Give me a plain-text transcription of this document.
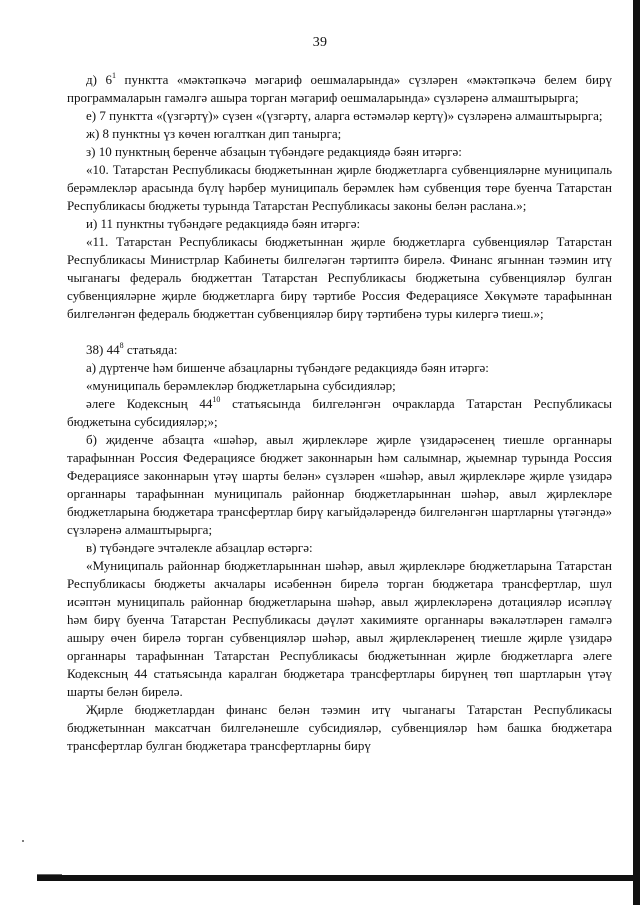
39

д) $6^1$ пунктта «мәктәпкәчә мәгариф оешмаларында» сүзләрен «мәктәпкәчә белем бирү программаларын гамәлгә ашыра торган мәгариф оешмаларында» сүзләренә алмаштырырга;

е) 7 пунктта «(үзгәртү)» сүзен «(үзгәртү, аларга өстәмәләр кертү)» сүзләренә алмаштырырга;

ж) 8 пунктны үз көчен югалткан дип танырга;

з) 10 пунктның беренче абзацын түбәндәге редакциядә бәян итәргә:

«10. Татарстан Республикасы бюджетыннан җирле бюджетларга субвенцияләрне муниципаль берәмлекләр арасында бүлү һәрбер муниципаль берәмлек һәм субвенция төре буенча Татарстан Республикасы бюджеты турында Татарстан Республикасы законы белән раслана.»;

и) 11 пунктны түбәндәге редакциядә бәян итәргә:

«11. Татарстан Республикасы бюджетыннан җирле бюджетларга субвенцияләр Татарстан Республикасы Министрлар Кабинеты билгеләгән тәртиптә бирелә. Финанс ягыннан тәэмин итү чыганагы федераль бюджеттан Татарстан Республикасы бюджетына субвенцияләр булган субвенцияләрне җирле бюджетларга бирү тәртибе Россия Федерациясе Хөкүмәте тарафыннан билгеләнгән федераль бюджеттан субвенцияләр бирү тәртибенә туры килергә тиеш.»;

38) $44^8$ статьяда:

а) дүртенче һәм бишенче абзацларны түбәндәге редакциядә бәян итәргә:

«муниципаль берәмлекләр бюджетларына субсидияләр;

әлеге Кодексның $44^{10}$ статьясында билгеләнгән очракларда Татарстан Республикасы бюджетына субсидияләр;»;

б) җиденче абзацта «шәһәр, авыл җирлекләре җирле үзидарәсенең тиешле органнары тарафыннан Россия Федерациясе бюджет законнарын һәм салымнар, җыемнар турында Россия Федерациясе законнарын үтәү шарты белән» сүзләрен «шәһәр, авыл җирлекләре җирле үзидарә органнары тарафыннан муниципаль районнар бюджетларыннан шәһәр, авыл җирлекләре бюджетларына бюджетара трансфертлар бирү кагыйдәләрендә билгеләнгән шартларны үтәгәндә» сүзләренә алмаштырырга;

в) түбәндәге эчтәлекле абзацлар өстәргә:

«Муниципаль районнар бюджетларыннан шәһәр, авыл җирлекләре бюджетларына Татарстан Республикасы бюджеты акчалары исәбеннән бирелә торган бюджетара трансфертлар, шул исәптән муниципаль районнар бюджетларына шәһәр, авыл җирлекләренә дотацияләр исәпләү һәм бирү буенча Татарстан Республикасы дәүләт хакимияте органнары вәкаләтләрен гамәлгә ашыру өчен бирелә торган субвенцияләр шәһәр, авыл җирлекләренең тиешле җирле үзидарә органнары тарафыннан Татарстан Республикасы бюджетыннан җирле бюджетларга әлеге Кодексның 44 статьясында каралган бюджетара трансфертлары бирүнең төп шартларын үтәү шарты белән бирелә.

Җирле бюджетлардан финанс белән тәэмин итү чыганагы Татарстан Республикасы бюджетыннан максатчан билгеләнешле субсидияләр, субвенцияләр һәм башка бюджетара трансфертлар булган бюджетара трансфертларны бирү
